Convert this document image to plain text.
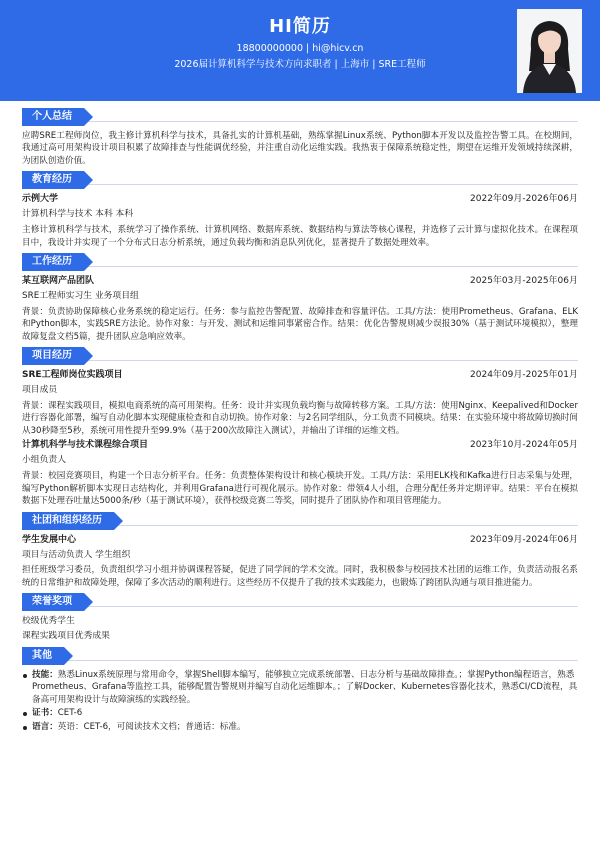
HI简历
18800000000 | hi@hicv.cn
2026届计算机科学与技术方向求职者 | 上海市 | SRE工程师
个人总结
应聘SRE工程师岗位，我主修计算机科学与技术，具备扎实的计算机基础，熟练掌握Linux系统、Python脚本开发以及监控告警工具。在校期间，我通过高可用架构设计项目积累了故障排查与性能调优经验，并注重自动化运维实践。我热衷于保障系统稳定性，期望在运维开发领域持续深耕，为团队创造价值。
教育经历
示例大学	2022年09月-2026年06月
计算机科学与技术 本科 本科
主修计算机科学与技术，系统学习了操作系统、计算机网络、数据库系统、数据结构与算法等核心课程，并选修了云计算与虚拟化技术。在课程项目中，我设计并实现了一个分布式日志分析系统，通过负载均衡和消息队列优化，显著提升了数据处理效率。
工作经历
某互联网产品团队	2025年03月-2025年06月
SRE工程师实习生 业务项目组
背景：负责协助保障核心业务系统的稳定运行。任务：参与监控告警配置、故障排查和容量评估。工具/方法：使用Prometheus、Grafana、ELK和Python脚本，实践SRE方法论。协作对象：与开发、测试和运维同事紧密合作。结果：优化告警规则减少误报30%（基于测试环境模拟），整理故障复盘文档5篇，提升团队应急响应效率。
项目经历
SRE工程师岗位实践项目	2024年09月-2025年01月
项目成员
背景：课程实践项目，模拟电商系统的高可用架构。任务：设计并实现负载均衡与故障转移方案。工具/方法：使用Nginx、Keepalived和Docker进行容器化部署，编写自动化脚本实现健康检查和自动切换。协作对象：与2名同学组队，分工负责不同模块。结果：在实验环境中将故障切换时间从30秒降至5秒，系统可用性提升至99.9%（基于200次故障注入测试），并输出了详细的运维文档。
计算机科学与技术课程综合项目	2023年10月-2024年05月
小组负责人
背景：校园竞赛项目，构建一个日志分析平台。任务：负责整体架构设计和核心模块开发。工具/方法：采用ELK栈和Kafka进行日志采集与处理，编写Python解析脚本实现日志结构化，并利用Grafana进行可视化展示。协作对象：带领4人小组，合理分配任务并定期评审。结果：平台在模拟数据下处理吞吐量达5000条/秒（基于测试环境），获得校级竞赛二等奖，同时提升了团队协作和项目管理能力。
社团和组织经历
学生发展中心	2023年09月-2024年06月
项目与活动负责人 学生组织
担任班级学习委员，负责组织学习小组并协调课程答疑，促进了同学间的学术交流。同时，我积极参与校园技术社团的运维工作，负责活动报名系统的日常维护和故障处理，保障了多次活动的顺利进行。这些经历不仅提升了我的技术实践能力，也锻炼了跨团队沟通与项目推进能力。
荣誉奖项
校级优秀学生
课程实践项目优秀成果
其他
技能：熟悉Linux系统原理与常用命令，掌握Shell脚本编写，能够独立完成系统部署、日志分析与基础故障排查。；掌握Python编程语言，熟悉Prometheus、Grafana等监控工具，能够配置告警规则并编写自动化运维脚本。；了解Docker、Kubernetes容器化技术，熟悉CI/CD流程，具备高可用架构设计与故障演练的实践经验。
证书：CET-6
语言：英语：CET-6，可阅读技术文档；普通话：标准。
